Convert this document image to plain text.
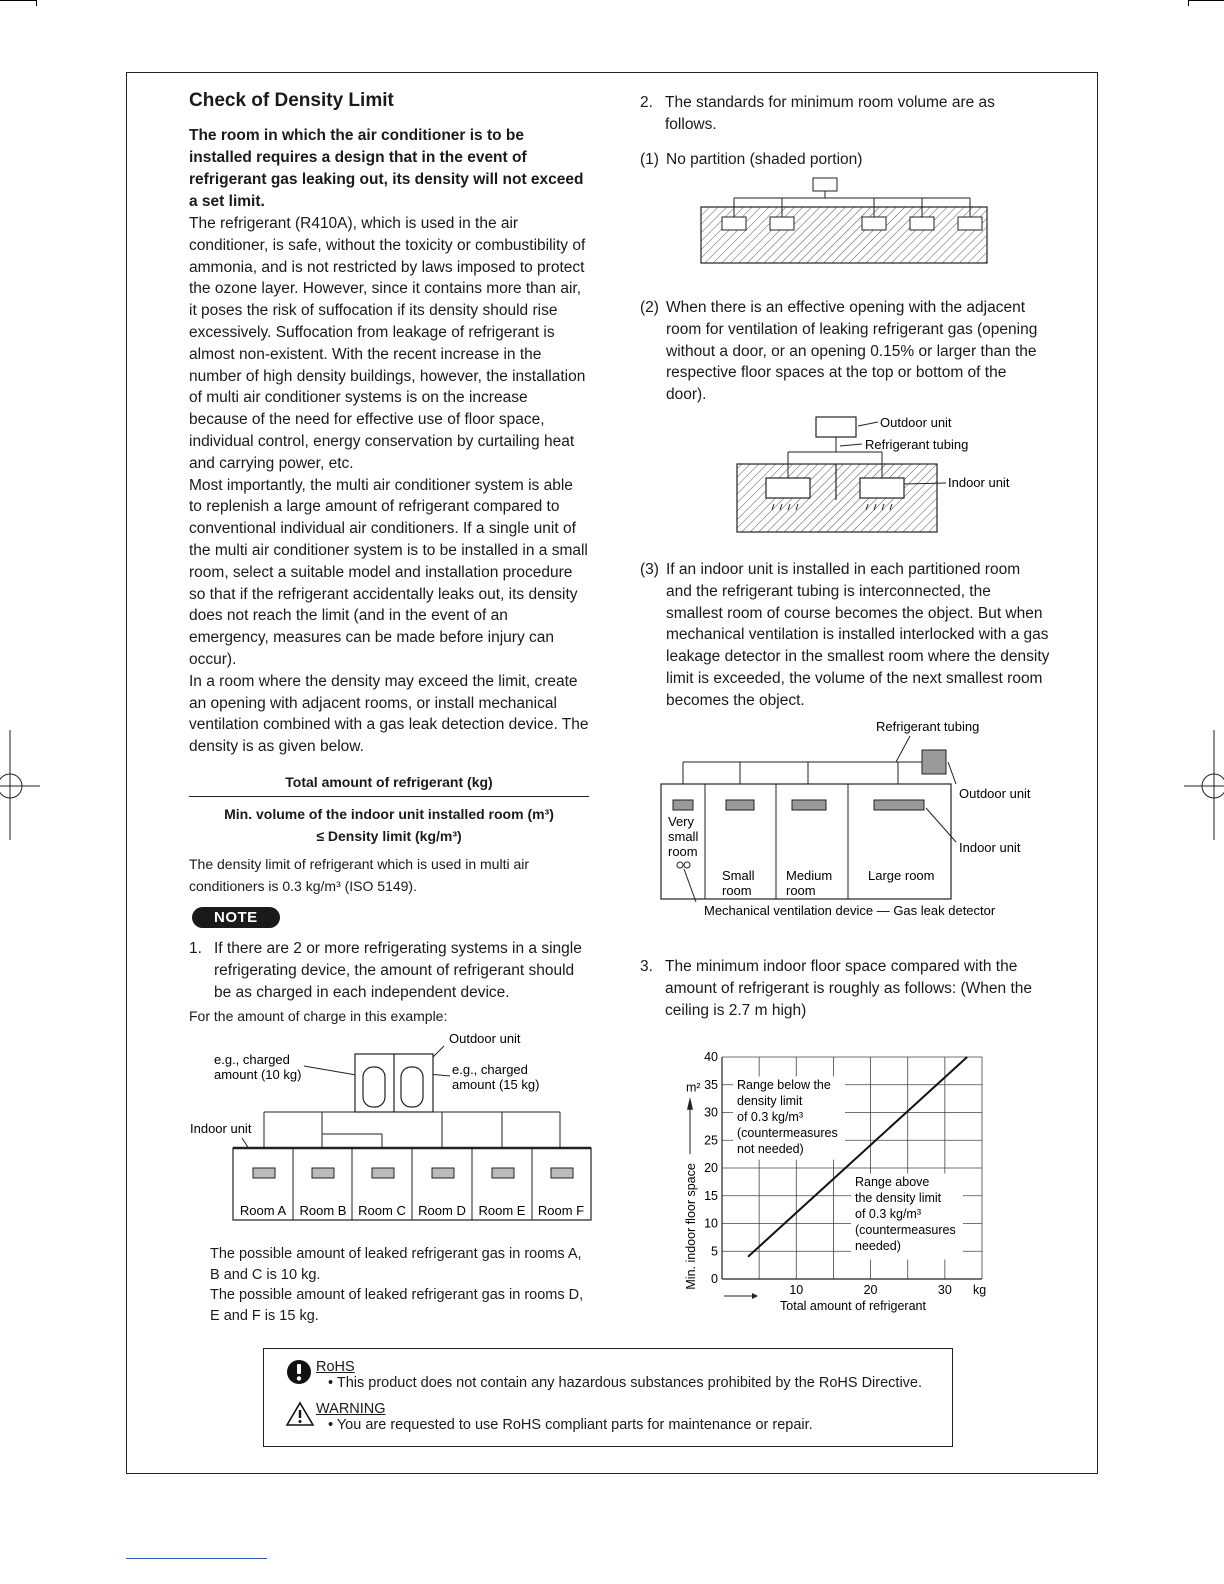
Check of Density Limit

The room in which the air conditioner is to be installed requires a design that in the event of refrigerant gas leaking out, its density will not exceed a set limit.

The refrigerant (R410A), which is used in the air conditioner, is safe, without the toxicity or combustibility of ammonia, and is not restricted by laws imposed to protect the ozone layer. However, since it contains more than air, it poses the risk of suffocation if its density should rise excessively. Suffocation from leakage of refrigerant is almost non-existent. With the recent increase in the number of high density buildings, however, the installation of multi air conditioner systems is on the increase because of the need for effective use of floor space, individual control, energy conservation by curtailing heat and carrying power, etc.

Most importantly, the multi air conditioner system is able to replenish a large amount of refrigerant compared to conventional individual air conditioners. If a single unit of the multi air conditioner system is to be installed in a small room, select a suitable model and installation procedure so that if the refrigerant accidentally leaks out, its density does not reach the limit (and in the event of an emergency, measures can be made before injury can occur).

In a room where the density may exceed the limit, create an opening with adjacent rooms, or install mechanical ventilation combined with a gas leak detection device. The density is as given below.

Total amount of refrigerant (kg)
Min. volume of the indoor unit installed room (m³)
≤ Density limit (kg/m³)

The density limit of refrigerant which is used in multi air conditioners is 0.3 kg/m³ (ISO 5149).

NOTE
1. If there are 2 or more refrigerating systems in a single refrigerating device, the amount of refrigerant should be as charged in each independent device.

For the amount of charge in this example:

Outdoor unit
e.g., charged
amount (10 kg)	e.g., charged
amount (15 kg)
Indoor unit
Room A Room B Room C Room D Room E Room F

The possible amount of leaked refrigerant gas in rooms A, B and C is 10 kg.

The possible amount of leaked refrigerant gas in rooms D, E and F is 15 kg.

2. The standards for minimum room volume are as follows.
(1) No partition (shaded portion)
(2) When there is an effective opening with the adjacent room for ventilation of leaking refrigerant gas (opening without a door, or an opening 0.15% or larger than the respective floor spaces at the top or bottom of the door).
Outdoor unit
Refrigerant tubing
Indoor unit
(3) If an indoor unit is installed in each partitioned room and the refrigerant tubing is interconnected, the smallest room of course becomes the object. But when mechanical ventilation is installed interlocked with a gas leakage detector in the smallest room where the density limit is exceeded, the volume of the next smallest room becomes the object.
Refrigerant tubing
Outdoor unit
Indoor unit
Very
small
room
Small
room
Medium
room
Large room
Mechanical ventilation device — Gas leak detector
3. The minimum indoor floor space compared with the amount of refrigerant is roughly as follows: (When the ceiling is 2.7 m high)
0
5
10
15
20
25
30
35
40
10	20	30
Range below the
density limit
of 0.3 kg/m³
(countermeasures
not needed)
Range above
the density limit
of 0.3 kg/m³
(countermeasures
needed)
m²
kg
Total amount of refrigerant
Min. indoor floor space
RoHS
• This product does not contain any hazardous substances prohibited by the RoHS Directive.
WARNING
• You are requested to use RoHS compliant parts for maintenance or repair.
